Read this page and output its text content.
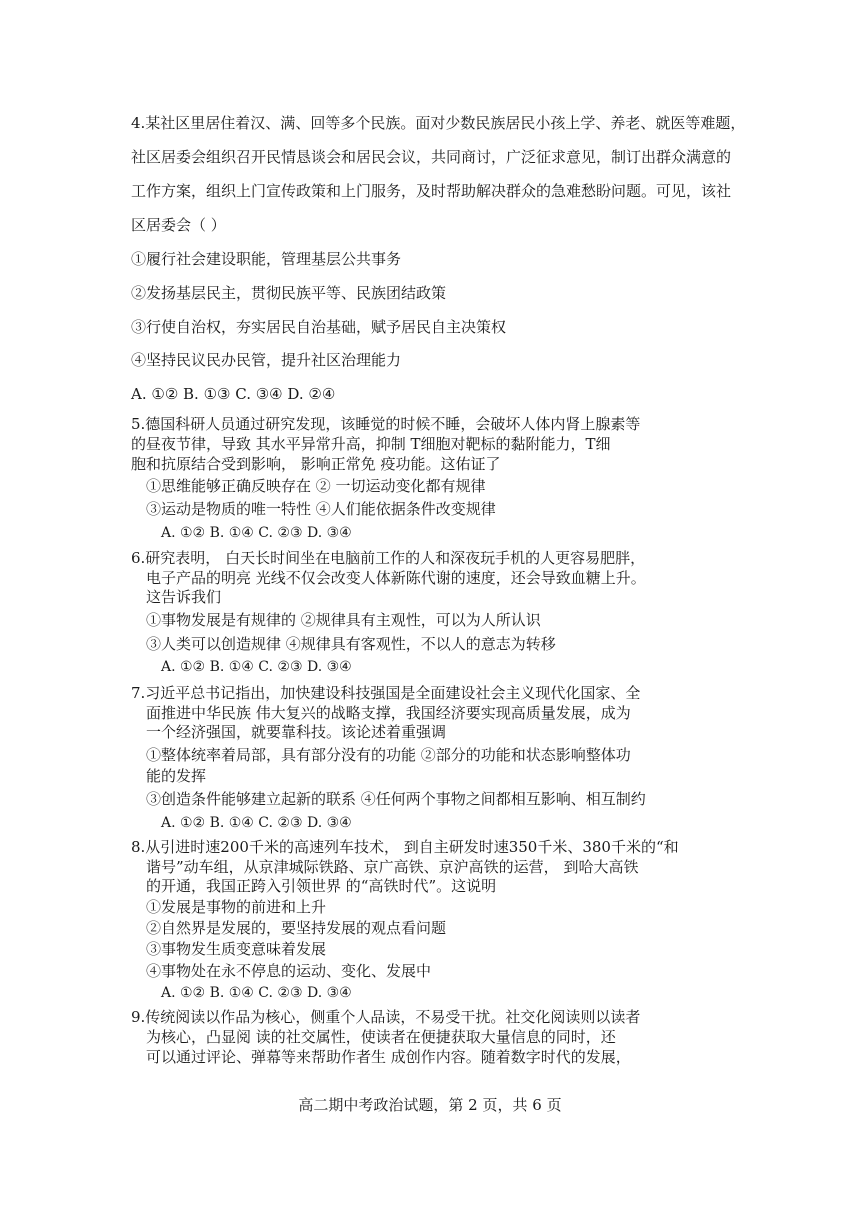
4.某社区里居住着汉、满、回等多个民族。面对少数民族居民小孩上学、养老、就医等难题，
社区居委会组织召开民情恳谈会和居民会议，共同商讨，广泛征求意见，制订出群众满意的
工作方案，组织上门宣传政策和上门服务，及时帮助解决群众的急难愁盼问题。可见，该社
区居委会（ ）
①履行社会建设职能，管理基层公共事务
②发扬基层民主，贯彻民族平等、民族团结政策
③行使自治权，夯实居民自治基础，赋予居民自主决策权
④坚持民议民办民管，提升社区治理能力
A. ①② B. ①③ C. ③④ D. ②④
5.德国科研人员通过研究发现，该睡觉的时候不睡，会破坏人体内肾上腺素等
的昼夜节律，导致 其水平异常升高，抑制 T细胞对靶标的黏附能力，T细
胞和抗原结合受到影响， 影响正常免 疫功能。这佑证了
①思维能够正确反映存在 ② 一切运动变化都有规律
③运动是物质的唯一特性 ④人们能依据条件改变规律
A. ①② B. ①④ C. ②③ D. ③④
6.研究表明， 白天长时间坐在电脑前工作的人和深夜玩手机的人更容易肥胖，
电子产品的明亮 光线不仅会改变人体新陈代谢的速度，还会导致血糖上升。
这告诉我们
①事物发展是有规律的 ②规律具有主观性，可以为人所认识
③人类可以创造规律 ④规律具有客观性，不以人的意志为转移
A. ①② B. ①④ C. ②③ D. ③④
7.习近平总书记指出，加快建设科技强国是全面建设社会主义现代化国家、全
面推进中华民族 伟大复兴的战略支撑，我国经济要实现高质量发展，成为
一个经济强国，就要靠科技。该论述着重强调
①整体统率着局部，具有部分没有的功能 ②部分的功能和状态影响整体功
能的发挥
③创造条件能够建立起新的联系 ④任何两个事物之间都相互影响、相互制约
A. ①② B. ①④ C. ②③ D. ③④
8.从引进时速200千米的高速列车技术， 到自主研发时速350千米、380千米的“和
谐号”动车组，从京津城际铁路、京广高铁、京沪高铁的运营， 到哈大高铁
的开通，我国正跨入引领世界 的“高铁时代”。这说明
①发展是事物的前进和上升
②自然界是发展的，要坚持发展的观点看问题
③事物发生质变意味着发展
④事物处在永不停息的运动、变化、发展中
A. ①② B. ①④ C. ②③ D. ③④
9.传统阅读以作品为核心，侧重个人品读，不易受干扰。社交化阅读则以读者
为核心，凸显阅 读的社交属性，使读者在便捷获取大量信息的同时，还
可以通过评论、弹幕等来帮助作者生 成创作内容。随着数字时代的发展，
高二期中考政治试题，第 2 页，共 6 页
